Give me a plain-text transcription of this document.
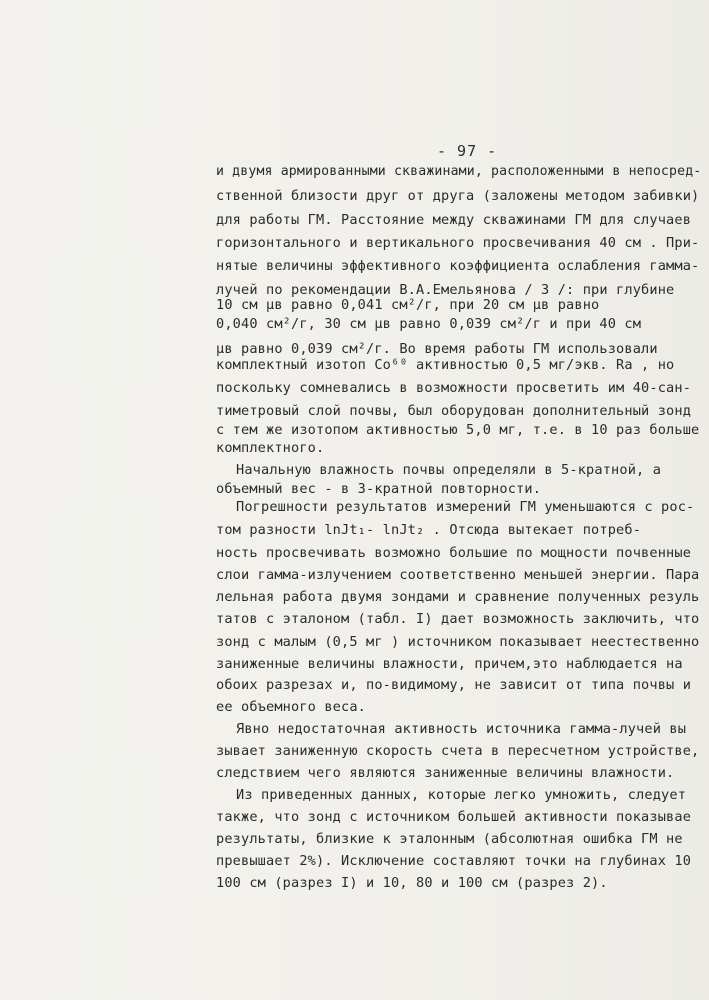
- 97 -
и двумя армированными скважинами, расположенными в непосред-
ственной близости друг от друга (заложены методом забивки)
для работы ГМ. Расстояние между скважинами ГМ для случаев
горизонтального и вертикального просвечивания 40 см . При-
нятые величины эффективного коэффициента ослабления гамма-
лучей по рекомендации В.А.Емельянова / 3 /: при глубине
10 см μв равно 0,041 см²/г, при 20 см μв равно
0,040 см²/г, 30 см μв равно 0,039 см²/г и при 40 см
μв равно 0,039 см²/г. Во время работы ГМ использовали
комплектный изотоп Co⁶⁰ активностью 0,5 мг/экв. Ra , но
поскольку сомневались в возможности просветить им 40-сан-
тиметровый слой почвы, был оборудован дополнительный зонд
с тем же изотопом активностью 5,0 мг, т.е. в 10 раз больше
комплектного.
Начальную влажность почвы определяли в 5-кратной, а
объемный вес - в 3-кратной повторности.
Погрешности результатов измерений ГМ уменьшаются с рос-
том разности lnJt₁- lnJt₂ . Отсюда вытекает потреб-
ность просвечивать возможно большие по мощности почвенные
слои гамма-излучением соответственно меньшей энергии. Пара
лельная работа двумя зондами и сравнение полученных резуль
татов с эталоном (табл. I) дает возможность заключить, что
зонд с малым (0,5 мг ) источником показывает неестественно
заниженные величины влажности, причем,это наблюдается на
обоих разрезах и, по-видимому, не зависит от типа почвы и
ее объемного веса.
Явно недостаточная активность источника гамма-лучей вы
зывает заниженную скорость счета в пересчетном устройстве,
следствием чего являются заниженные величины влажности.
Из приведенных данных, которые легко умножить, следует
также, что зонд с источником большей активности показывае
результаты, близкие к эталонным (абсолютная ошибка ГМ не
превышает 2%). Исключение составляют точки на глубинах 10
100 см (разрез I) и 10, 80 и 100 см (разрез 2).
